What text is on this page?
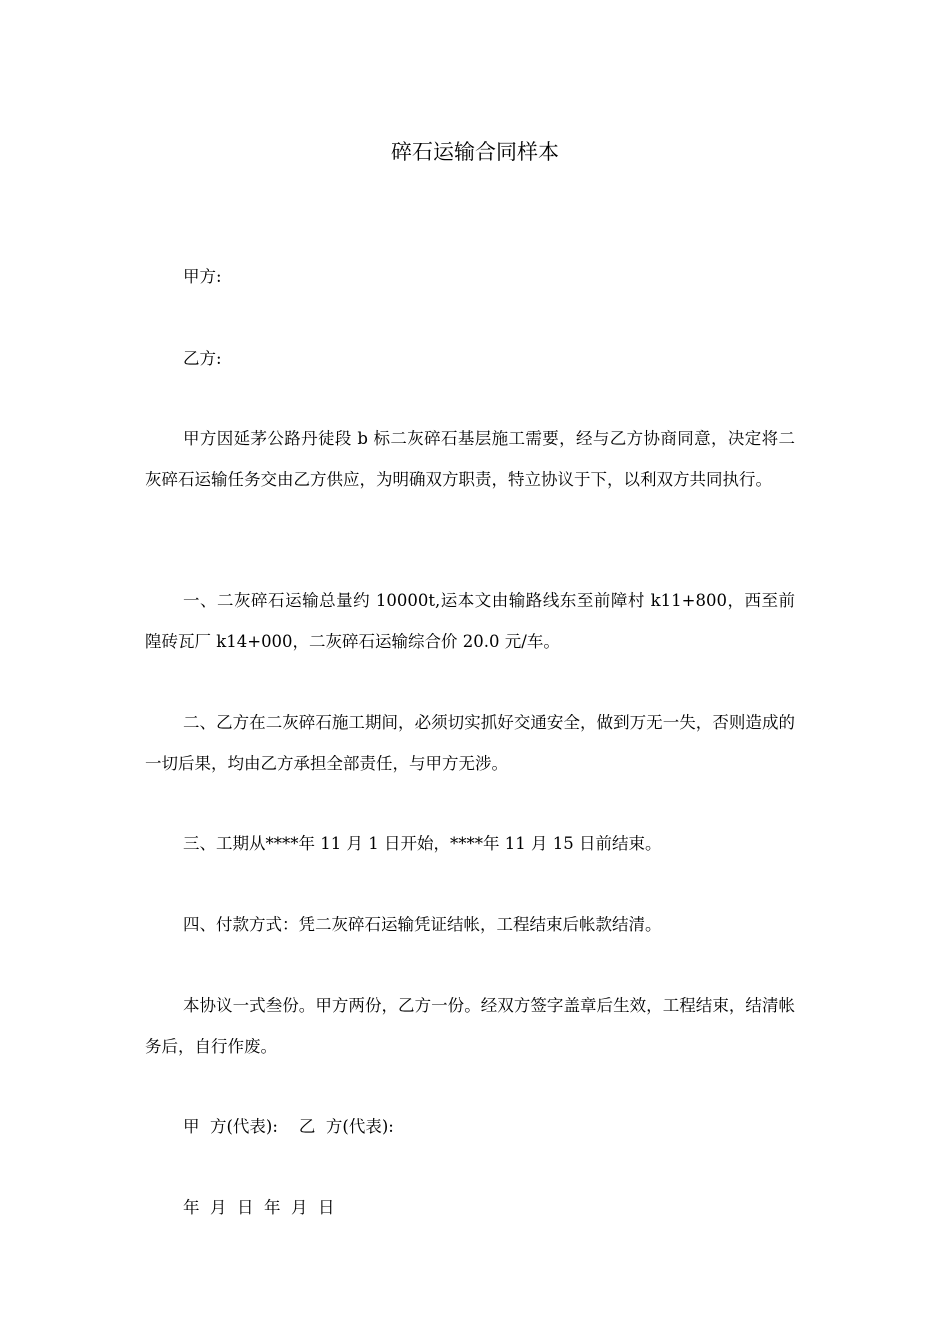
碎石运输合同样本

甲方:

乙方:

甲方因延茅公路丹徒段 b 标二灰碎石基层施工需要，经与乙方协商同意，决定将二灰碎石运输任务交由乙方供应，为明确双方职责，特立协议于下，以利双方共同执行。

一、二灰碎石运输总量约 10000t,运本文由输路线东至前障村 k11+800，西至前隍砖瓦厂 k14+000，二灰碎石运输综合价 20.0 元/车。

二、乙方在二灰碎石施工期间，必须切实抓好交通安全，做到万无一失，否则造成的一切后果，均由乙方承担全部责任，与甲方无涉。

三、工期从****年 11 月 1 日开始，****年 11 月 15 日前结束。

四、付款方式：凭二灰碎石运输凭证结帐，工程结束后帐款结清。

本协议一式叁份。甲方两份，乙方一份。经双方签字盖章后生效，工程结束，结清帐务后，自行作废。

甲  方(代表):    乙  方(代表):

年  月  日  年  月  日
